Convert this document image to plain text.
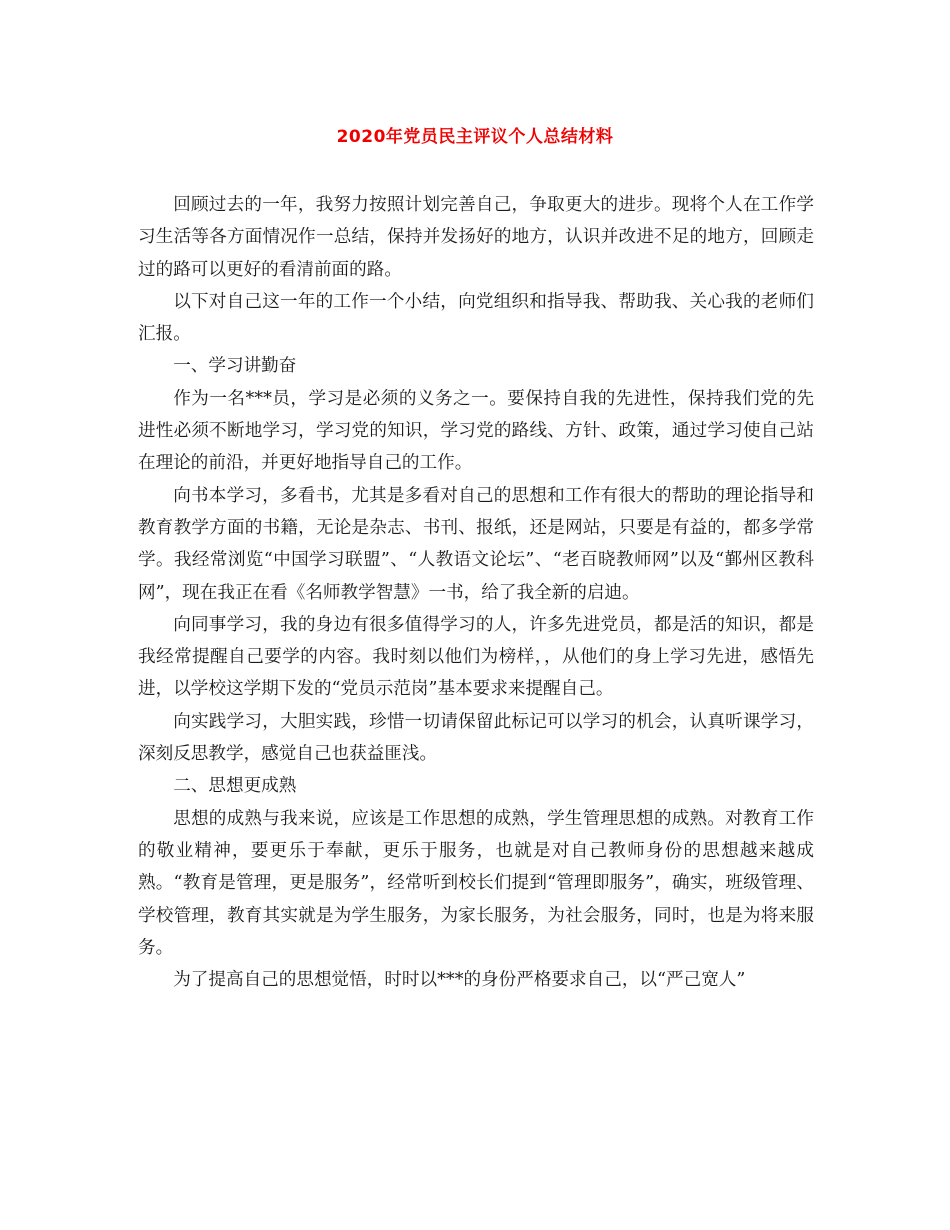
2020年党员民主评议个人总结材料

回顾过去的一年，我努力按照计划完善自己，争取更大的进步。现将个人在工作学习生活等各方面情况作一总结，保持并发扬好的地方，认识并改进不足的地方，回顾走过的路可以更好的看清前面的路。

以下对自己这一年的工作一个小结，向党组织和指导我、帮助我、关心我的老师们汇报。

一、学习讲勤奋

作为一名***员，学习是必须的义务之一。要保持自我的先进性，保持我们党的先进性必须不断地学习，学习党的知识，学习党的路线、方针、政策，通过学习使自己站在理论的前沿，并更好地指导自己的工作。

向书本学习，多看书，尤其是多看对自己的思想和工作有很大的帮助的理论指导和教育教学方面的书籍，无论是杂志、书刊、报纸，还是网站，只要是有益的，都多学常学。我经常浏览“中国学习联盟”、“人教语文论坛”、“老百晓教师网”以及“鄞州区教科网”，现在我正在看《名师教学智慧》一书，给了我全新的启迪。

向同事学习，我的身边有很多值得学习的人，许多先进党员，都是活的知识，都是我经常提醒自己要学的内容。我时刻以他们为榜样，，从他们的身上学习先进，感悟先进，以学校这学期下发的“党员示范岗”基本要求来提醒自己。

向实践学习，大胆实践，珍惜一切请保留此标记可以学习的机会，认真听课学习，深刻反思教学，感觉自己也获益匪浅。

二、思想更成熟

思想的成熟与我来说，应该是工作思想的成熟，学生管理思想的成熟。对教育工作的敬业精神，要更乐于奉献，更乐于服务，也就是对自己教师身份的思想越来越成熟。“教育是管理，更是服务”，经常听到校长们提到“管理即服务”，确实，班级管理、学校管理，教育其实就是为学生服务，为家长服务，为社会服务，同时，也是为将来服务。

为了提高自己的思想觉悟，时时以***的身份严格要求自己，以“严己宽人”
